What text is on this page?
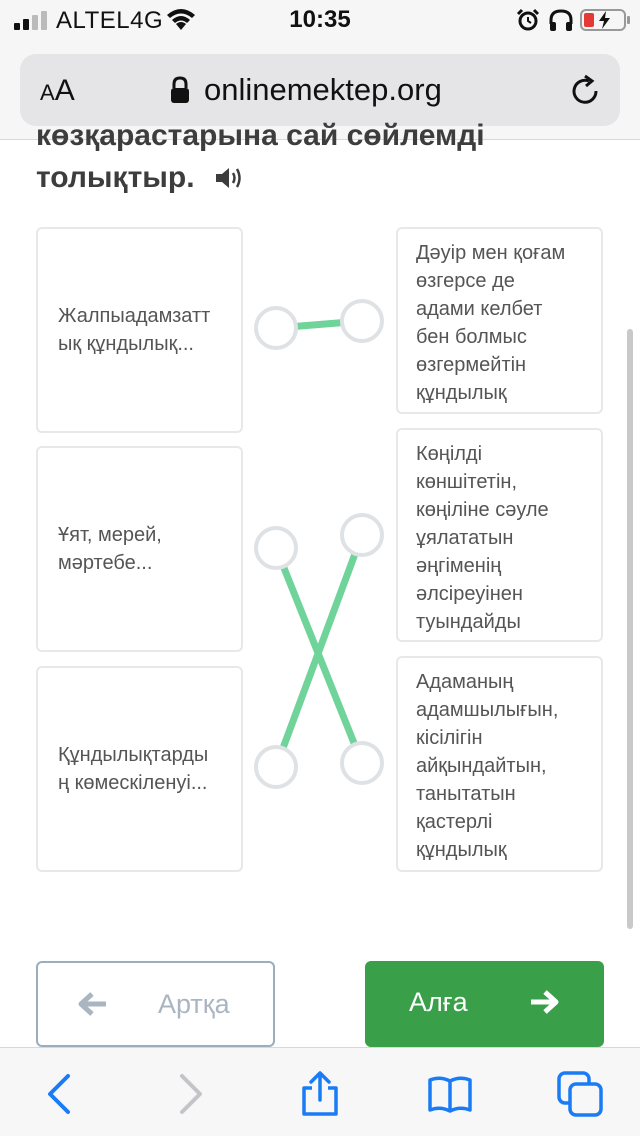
ALTEL4G	10:35
AA	onlinemektep.org
көзқарастарына сай сөйлемді
толықтыр.
Жалпыадамзатт
ық құндылық...
Ұят, мерей,
мәртебе...
Құндылықтарды
ң көмескіленуі...
Дәуір мен қоғам
өзгерсе де
адами келбет
бен болмыс
өзгермейтін
құндылық
Көңілді
көншітетін,
көңіліне сәуле
ұялататын
әңгіменің
әлсіреуінен
туындайды
Адаманың
адамшылығын,
кісілігін
айқындайтын,
танытатын
қастерлі
құндылық
Артқа	Алға
